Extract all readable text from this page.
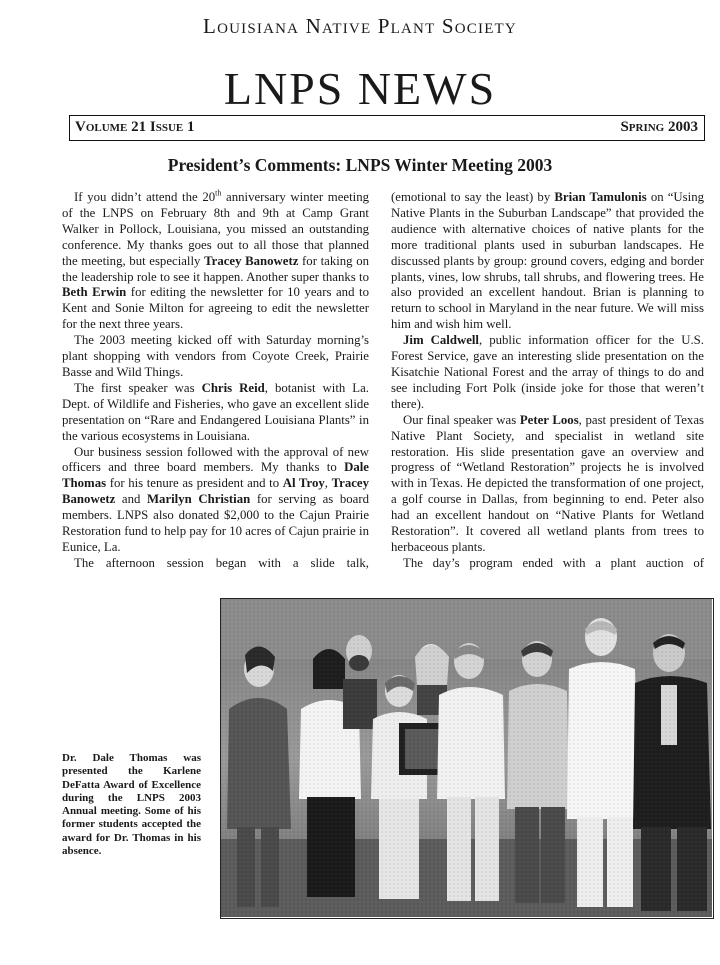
Louisiana Native Plant Society
LNPS NEWS
Volume 21 Issue 1	Spring 2003
President’s Comments: LNPS Winter Meeting 2003

If you didn’t attend the 20th anniversary winter meeting of the LNPS on February 8th and 9th at Camp Grant Walker in Pollock, Louisiana, you missed an outstanding conference. My thanks goes out to all those that planned the meeting, but especially Tracey Banowetz for taking on the leadership role to see it happen. Another super thanks to Beth Erwin for editing the newsletter for 10 years and to Kent and Sonie Milton for agreeing to edit the newsletter for the next three years.

The 2003 meeting kicked off with Saturday morning’s plant shopping with vendors from Coyote Creek, Prairie Basse and Wild Things.

The first speaker was Chris Reid, botanist with La. Dept. of Wildlife and Fisheries, who gave an excellent slide presentation on “Rare and Endangered Louisiana Plants” in the various ecosystems in Louisiana.

Our business session followed with the approval of new officers and three board members. My thanks to Dale Thomas for his tenure as president and to Al Troy, Tracey Banowetz and Marilyn Christian for serving as board members. LNPS also donated $2,000 to the Cajun Prairie Restoration fund to help pay for 10 acres of Cajun prairie in Eunice, La.

The afternoon session began with a slide talk,

(emotional to say the least) by Brian Tamulonis on “Using Native Plants in the Suburban Landscape” that provided the audience with alternative choices of native plants for the more traditional plants used in suburban landscapes. He discussed plants by group: ground covers, edging and border plants, vines, low shrubs, tall shrubs, and flowering trees. He also provided an excellent handout. Brian is planning to return to school in Maryland in the near future. We will miss him and wish him well.

Jim Caldwell, public information officer for the U.S. Forest Service, gave an interesting slide presentation on the Kisatchie National Forest and the array of things to do and see including Fort Polk (inside joke for those that weren’t there).

Our final speaker was Peter Loos, past president of Texas Native Plant Society, and specialist in wetland site restoration. His slide presentation gave an overview and progress of “Wetland Restoration” projects he is involved with in Texas. He depicted the transformation of one project, a golf course in Dallas, from beginning to end. Peter also had an excellent handout on “Native Plants for Wetland Restoration”. It covered all wetland plants from trees to herbaceous plants.

The day’s program ended with a plant auction of

Dr. Dale Thomas was presented the Karlene DeFatta Award of Excellence during the LNPS 2003 Annual meeting. Some of his former students accepted the award for Dr. Thomas in his absence.
